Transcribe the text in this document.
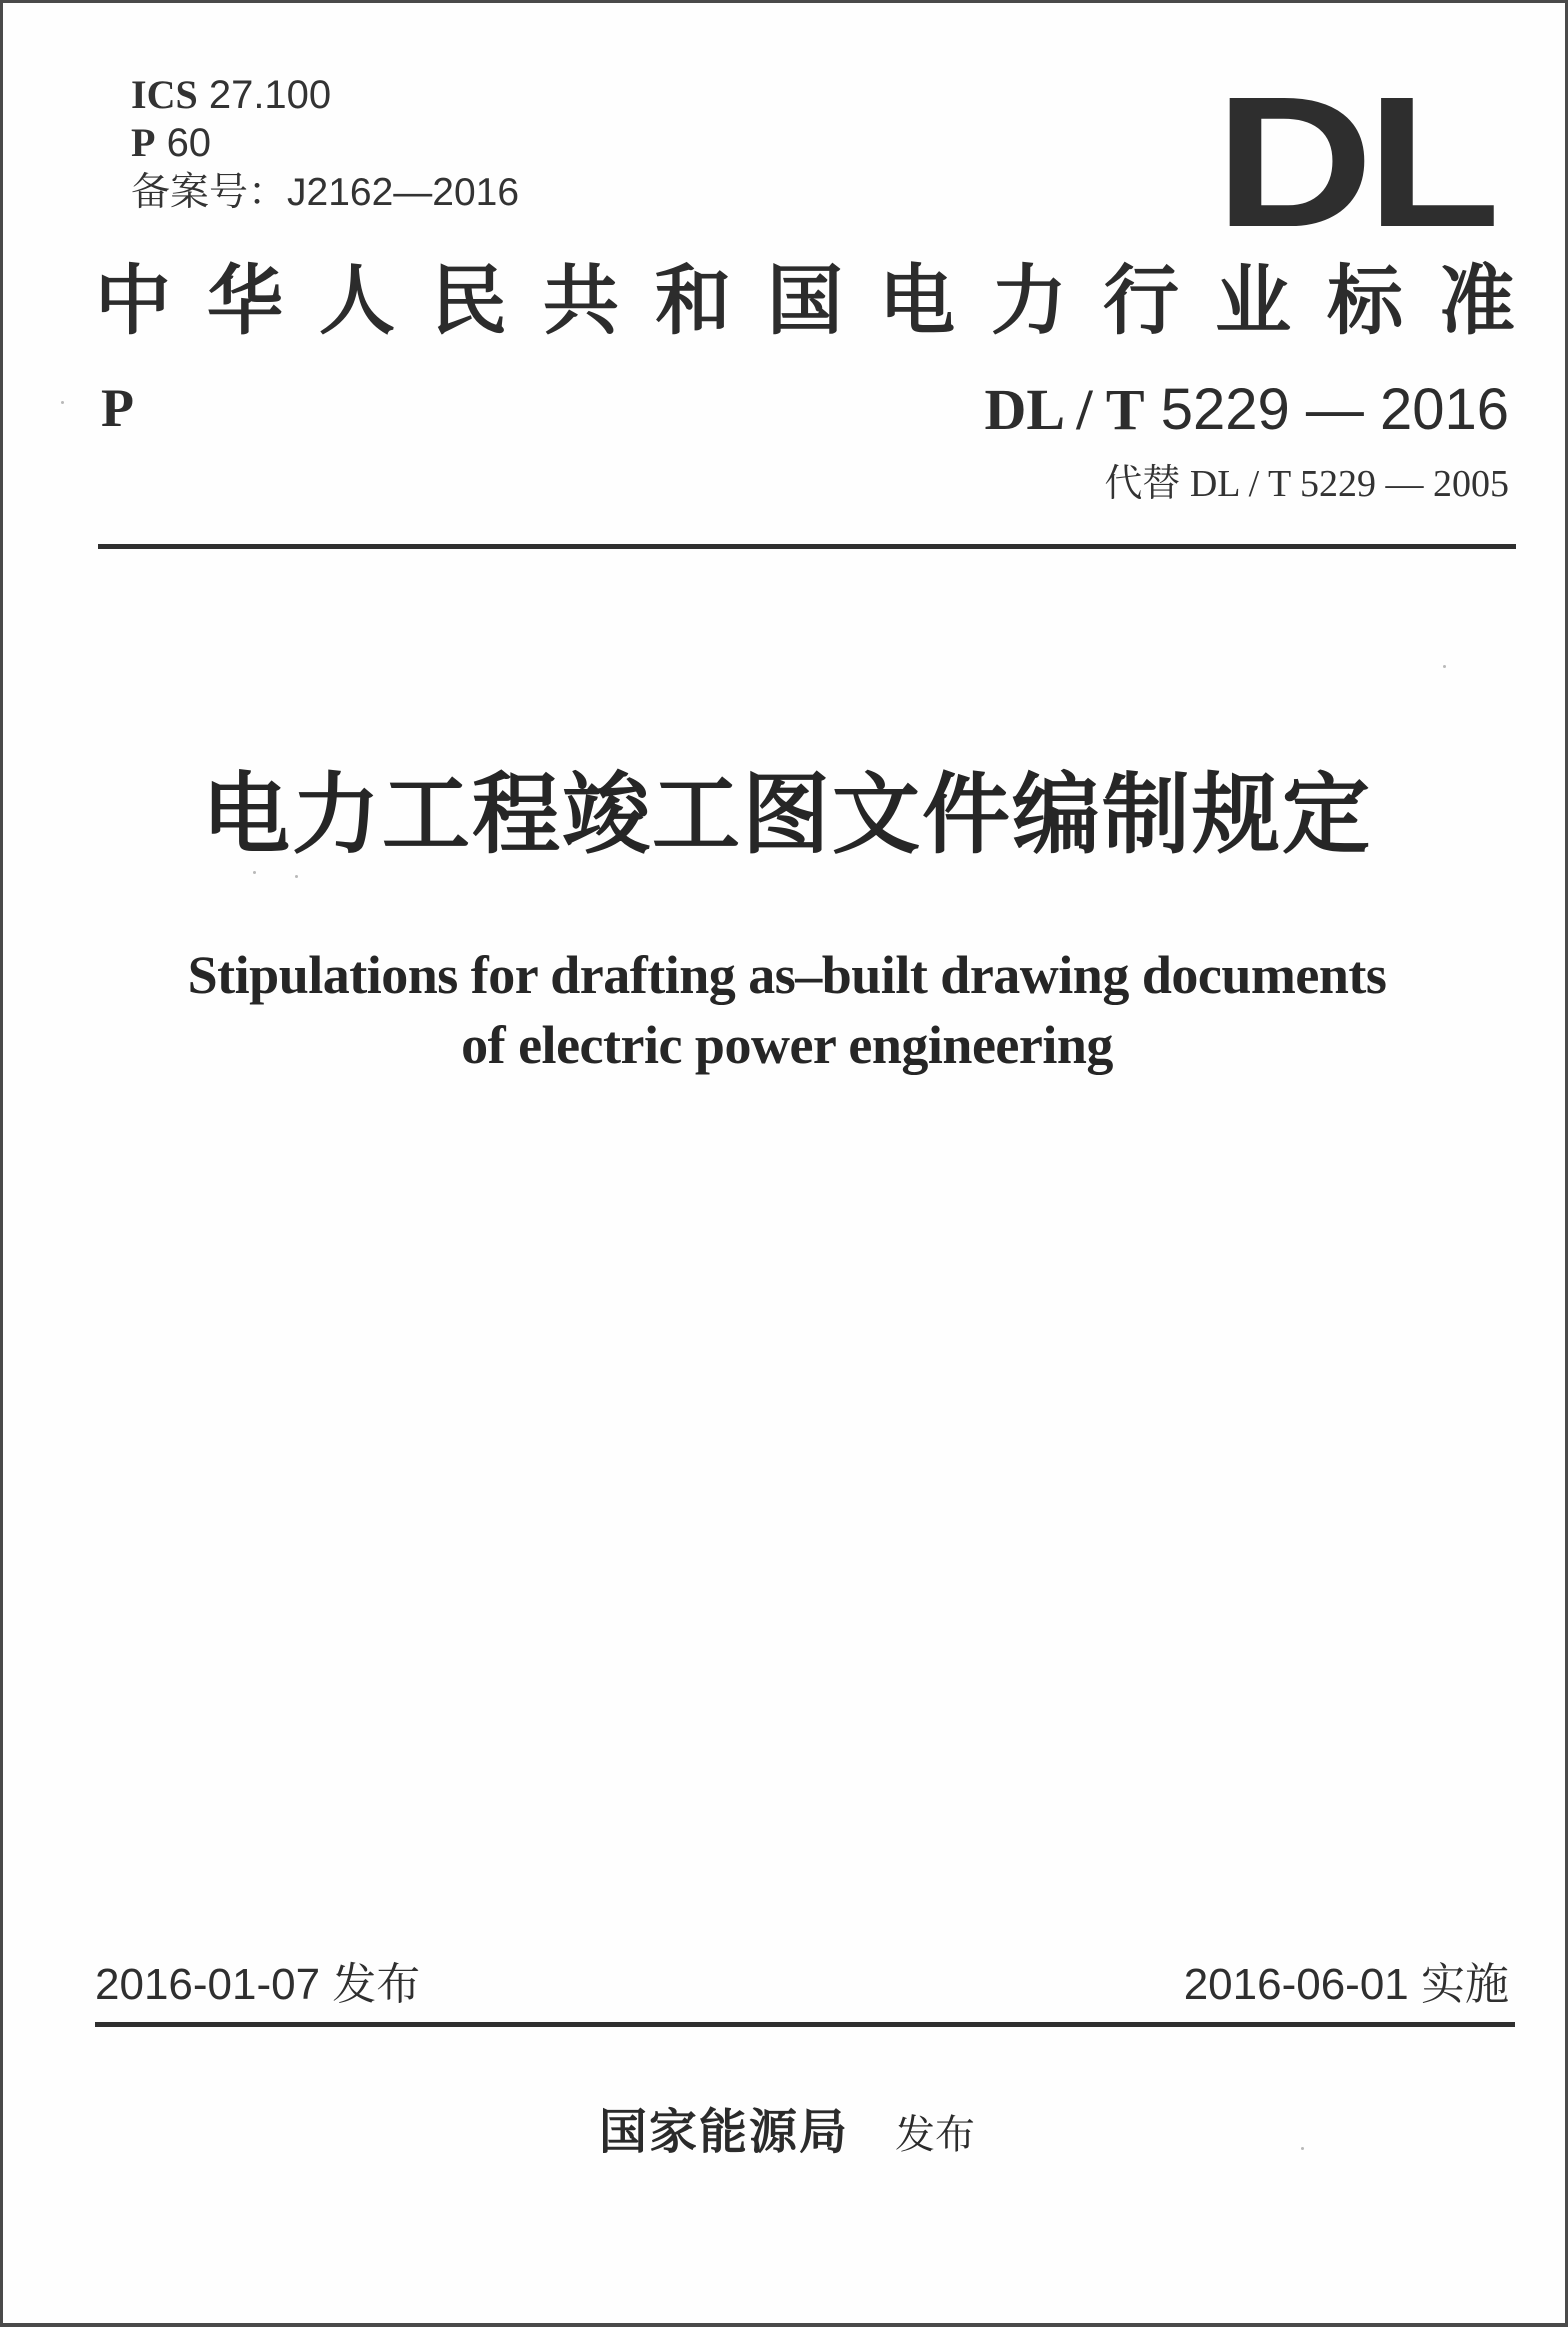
ICS 27.100
P 60
备案号：J2162—2016	DL
中 华 人 民 共 和 国 电 力 行 业 标 准
P	DL / T 5229 — 2016
代替 DL / T 5229 — 2005
电力工程竣工图文件编制规定
Stipulations for drafting as–built drawing documents
of electric power engineering
2016-01-07 发布	2016-06-01 实施
国家能源局 发布
